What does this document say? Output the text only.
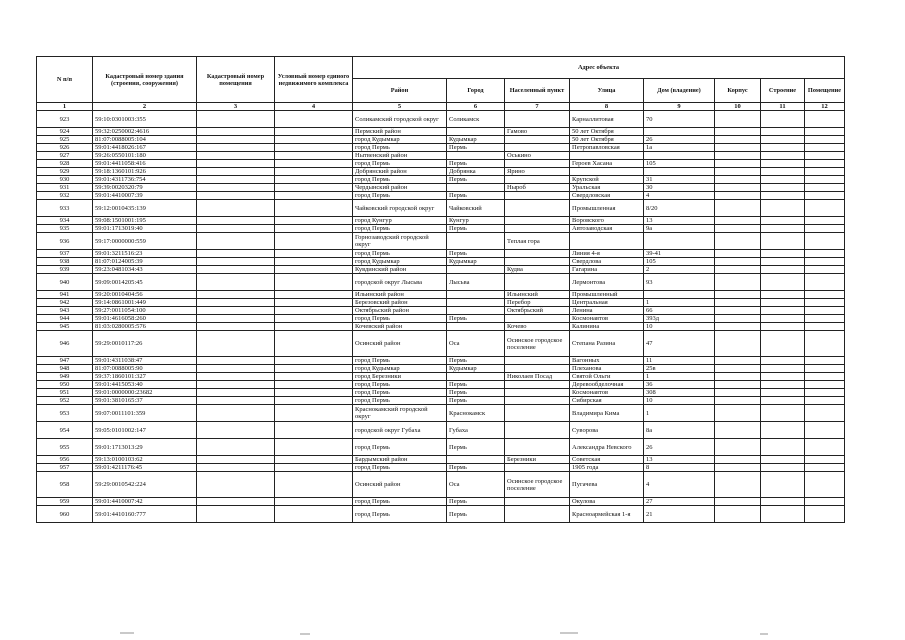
N п/п	Кадастровый номер здания (строения, сооружения)	Кадастровый номер помещения	Условный номер единого недвижимого комплекса	Адрес объекта							
				Район	Город	Населенный пункт	Улица	Дом (владение)	Корпус	Строение	Помещение
1	2	3	4	5	6	7	8	9	10	11	12
923	59:10:0301003:355			Соликамский городской округ	Соликамск		Карналлитовая	70			
924	59:32:0250002:4616			Пермский район		Гамово	50 лет Октября				
925	81:07:0088005:104			город Кудымкар	Кудымкар		50 лет Октября	26			
926	59:01:4418026:167			город Пермь	Пермь		Петропавловская	1а			
927	59:26:0550101:180			Нытвенский район		Оськино					
928	59:01:4411058:416			город Пермь	Пермь		Героев Хасана	105			
929	59:18:1360101:926			Добрянский район	Добрянка	Ярино					
930	59:01:4311736:754			город Пермь	Пермь		Крупской	31			
931	59:39:0020320:79			Чердынский район		Ныроб	Уральская	30			
932	59:01:4410007:39			город Пермь	Пермь		Свердловская	4			
933	59:12:0010435:139			Чайковский городской округ	Чайковский		Промышленная	8/20			
934	59:08:1501001:195			город Кунгур	Кунгур		Воровского	13			
935	59:01:1713019:40			город Пермь	Пермь		Автозаводская	9а			
936	59:17:0000000:559			Горнозаводский городской округ		Теплая гора					
937	59:01:3211516:23			город Пермь	Пермь		Линия 4-я	39-41			
938	81:07:0124005:39			город Кудымкар	Кудымкар		Свердлова	105			
939	59:23:0481034:43			Кувдинский район		Кудва	Гагарина	2			
940	59:09:0014205:45			городской округ Лысьва	Лысьва		Лермонтова	93			
941	59:20:0010404:56			Ильинский район		Ильинский	Промышленный				
942	59:14:0861001:449			Березовский район		Перебор	Центральная	1			
943	59:27:0011054:100			Октябрьский район		Октябрьский	Ленина	66			
944	59:01:4616058:260			город Пермь	Пермь		Космонавтов	393д			
945	81:03:0280005:576			Кочевский район		Кочево	Калинина	10			
946	59:29:0010117:26			Осинский район	Оса	Осинское городское поселение	Степана Разина	47			
947	59:01:4311038:47			город Пермь	Пермь		Вагонных	11			
948	81:07:0088005:90			город Кудымкар	Кудымкар		Плеханова	25в			
949	59:37:1860101:327			город Березники		Николаев Посад	Святой Ольги	1			
950	59:01:4415053:40			город Пермь	Пермь		Деревообделочная	36			
951	59:01:0000000:23682			город Пермь	Пермь		Космонавтов	308			
952	59:01:3810165:37			город Пермь	Пермь		Сибирская	10			
953	59:07:0011101:359			Краснокамский городской округ	Краснокамск		Владимира Кима	1			
954	59:05:0101002:147			городской округ Губаха	Губаха		Суворова	8а			
955	59:01:1713013:29			город Пермь	Пермь		Александра Невского	26			
956	59:13:0100103:62			Бардымский район		Березники	Советская	13			
957	59:01:4211176:45			город Пермь	Пермь		1905 года	8			
958	59:29:0010542:224			Осинский район	Оса	Осинское городское поселение	Пугачева	4			
959	59:01:4410007:42			город Пермь	Пермь		Окулова	27			
960	59:01:4410160:777			город Пермь	Пермь		Красноармейская 1-я	21			
